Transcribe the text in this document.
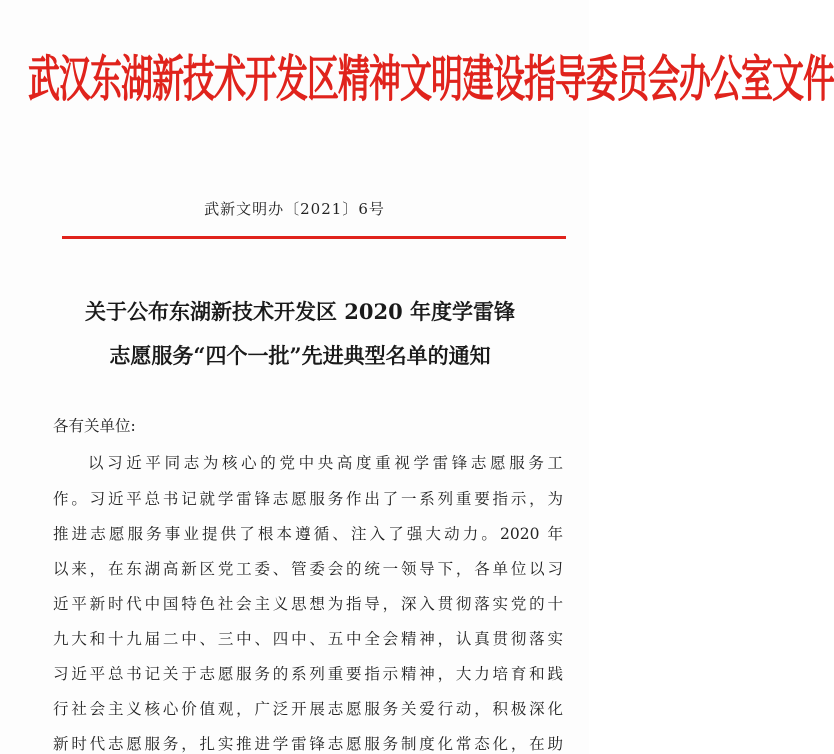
武汉东湖新技术开发区精神文明建设指导委员会办公室文件
武新文明办〔2021〕6号
关于公布东湖新技术开发区 2020 年度学雷锋
志愿服务“四个一批”先进典型名单的通知
各有关单位:
以习近平同志为核心的党中央高度重视学雷锋志愿服务工
作。习近平总书记就学雷锋志愿服务作出了一系列重要指示，为
推进志愿服务事业提供了根本遵循、注入了强大动力。2020 年
以来，在东湖高新区党工委、管委会的统一领导下，各单位以习
近平新时代中国特色社会主义思想为指导，深入贯彻落实党的十
九大和十九届二中、三中、四中、五中全会精神，认真贯彻落实
习近平总书记关于志愿服务的系列重要指示精神，大力培育和践
行社会主义核心价值观，广泛开展志愿服务关爱行动，积极深化
新时代志愿服务，扎实推进学雷锋志愿服务制度化常态化，在助
